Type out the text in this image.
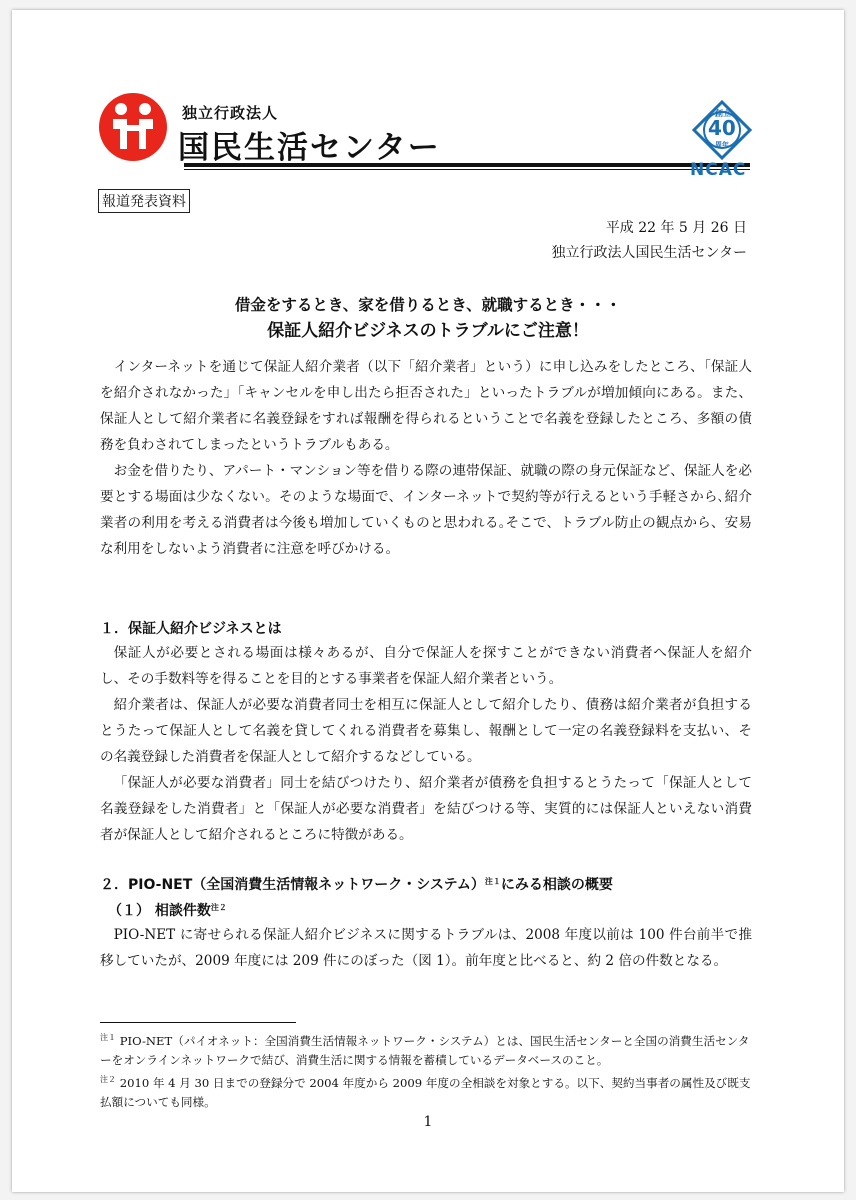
独立行政法人
国民生活センター
創立
40
周年
NCAC
報道発表資料
平成 22 年 5 月 26 日
独立行政法人国民生活センター
借金をするとき、家を借りるとき、就職するとき・・・
保証人紹介ビジネスのトラブルにご注意！

インターネットを通じて保証人紹介業者（以下「紹介業者」という）に申し込みをしたところ、「保証人を紹介されなかった」「キャンセルを申し出たら拒否された」といったトラブルが増加傾向にある。また、保証人として紹介業者に名義登録をすれば報酬を得られるということで名義を登録したところ、多額の債務を負わされてしまったというトラブルもある。

お金を借りたり、アパート・マンション等を借りる際の連帯保証、就職の際の身元保証など、保証人を必要とする場面は少なくない。そのような場面で、インターネットで契約等が行えるという手軽さから､紹介業者の利用を考える消費者は今後も増加していくものと思われる｡そこで、トラブル防止の観点から、安易な利用をしないよう消費者に注意を呼びかける。

１．保証人紹介ビジネスとは

保証人が必要とされる場面は様々あるが、自分で保証人を探すことができない消費者へ保証人を紹介し、その手数料等を得ることを目的とする事業者を保証人紹介業者という。

紹介業者は、保証人が必要な消費者同士を相互に保証人として紹介したり、債務は紹介業者が負担するとうたって保証人として名義を貸してくれる消費者を募集し、報酬として一定の名義登録料を支払い、その名義登録した消費者を保証人として紹介するなどしている。

「保証人が必要な消費者」同士を結びつけたり、紹介業者が債務を負担するとうたって「保証人として名義登録をした消費者」と「保証人が必要な消費者」を結びつける等、実質的には保証人といえない消費者が保証人として紹介されるところに特徴がある。

２．PIO-NET（全国消費生活情報ネットワーク・システム）$^{注1}$にみる相談の概要
（１） 相談件数$^{注2}$

PIO-NET に寄せられる保証人紹介ビジネスに関するトラブルは、2008 年度以前は 100 件台前半で推移していたが、2009 年度には 209 件にのぼった（図 1）。前年度と比べると、約 2 倍の件数となる。

$^{注1}$ PIO-NET（パイオネット：全国消費生活情報ネットワーク・システム）とは、国民生活センターと全国の消費生活センターをオンラインネットワークで結び、消費生活に関する情報を蓄積しているデータベースのこと。

$^{注2}$ 2010 年 4 月 30 日までの登録分で 2004 年度から 2009 年度の全相談を対象とする。以下、契約当事者の属性及び既支払額についても同様。

1
